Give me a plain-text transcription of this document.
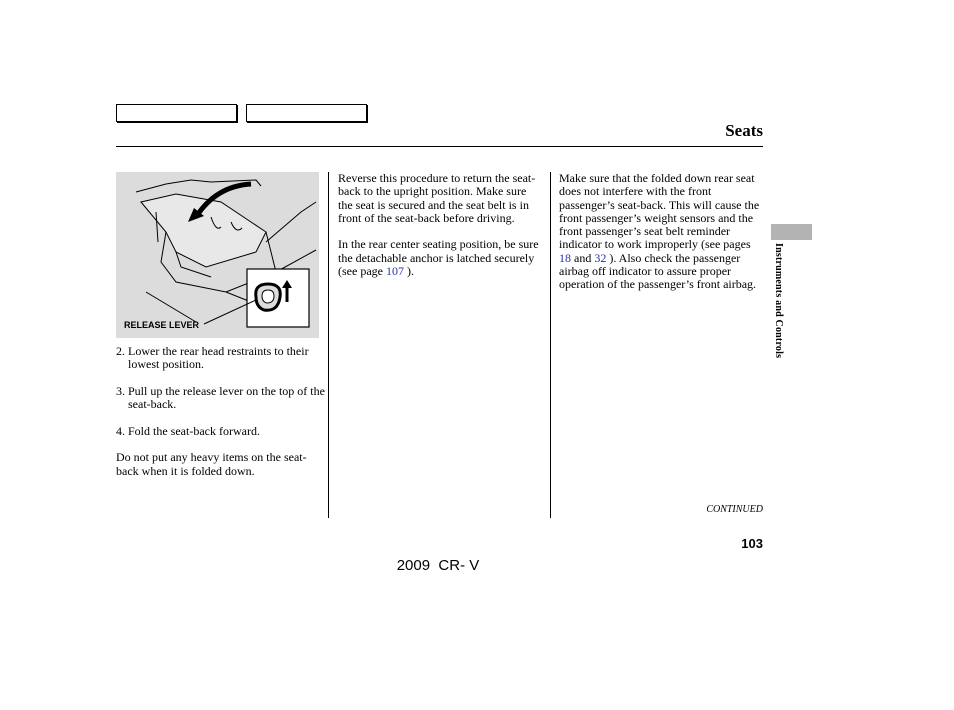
Seats
RELEASE LEVER

2. Lower the rear head restraints to their lowest position.

3. Pull up the release lever on the top of the seat-back.

4. Fold the seat-back forward.

Do not put any heavy items on the seat-back when it is folded down.

Reverse this procedure to return the seat-back to the upright position. Make sure the seat is secured and the seat belt is in front of the seat-back before driving.

In the rear center seating position, be sure the detachable anchor is latched securely (see page 107 ).

Make sure that the folded down rear seat does not interfere with the front passenger’s seat-back. This will cause the front passenger’s weight sensors and the front passenger’s seat belt reminder indicator to work improperly (see pages 18 and 32 ). Also check the passenger airbag off indicator to assure proper operation of the passenger’s front airbag.	Instruments and Controls
CONTINUED
103
2009  CR- V
